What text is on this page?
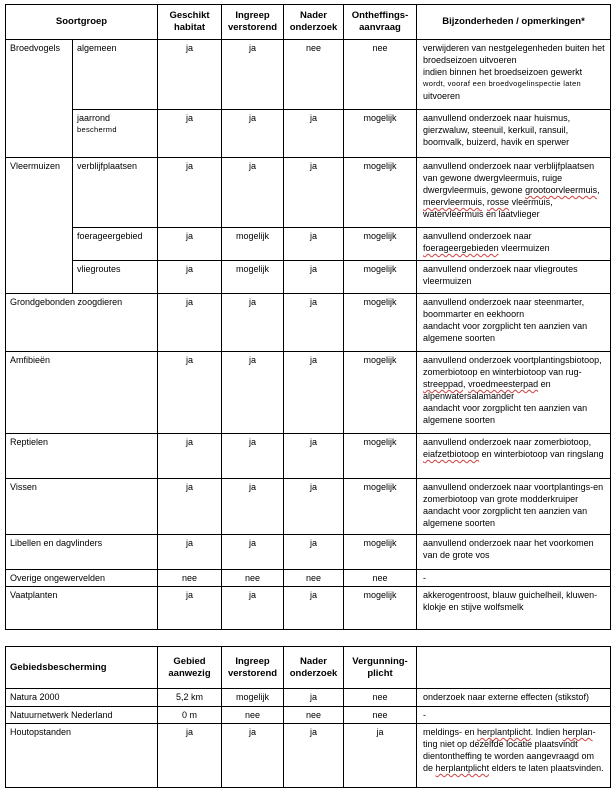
Soortgroep		Geschikt habitat	Ingreep verstorend	Nader onderzoek	Ontheffings-aanvraag	Bijzonderheden / opmerkingen*
Broedvogels	algemeen	ja	ja	nee	nee	verwijderen van nestgelegenheden buiten het broedseizoen uitvoeren
indien binnen het broedseizoen gewerkt
wordt, vooraf een broedvogelinspectie laten
uitvoeren

	jaarrond
beschermd	ja	ja	ja	mogelijk	aanvullend onderzoek naar huismus, gierzwaluw, steenuil, kerkuil, ransuil, boomvalk, buizerd, havik en sperwer
Vleermuizen	verblijfplaatsen	ja	ja	ja	mogelijk	aanvullend onderzoek naar verblijfplaatsen van gewone dwergvleermuis, ruige dwergvleermuis, gewone grootoorvleermuis, meervleermuis, rosse vleermuis, watervleermuis en laatvlieger
	foerageergebied	ja	mogelijk	ja	mogelijk	aanvullend onderzoek naar foerageergebieden vleermuizen
	vliegroutes	ja	mogelijk	ja	mogelijk	aanvullend onderzoek naar vliegroutes vleermuizen
Grondgebonden zoogdieren		ja	ja	ja	mogelijk	aanvullend onderzoek naar steenmarter, boommarter en eekhoorn
aandacht voor zorgplicht ten aanzien van algemene soorten

Amfibieën		ja	ja	ja	mogelijk	aanvullend onderzoek voortplantingsbiotoop, zomerbiotoop en winterbiotoop van rug-streeppad, vroedmeesterpad en alpenwatersalamander
aandacht voor zorgplicht ten aanzien van algemene soorten

Reptielen		ja	ja	ja	mogelijk	aanvullend onderzoek naar zomerbiotoop, eiafzetbiotoop en winterbiotoop van ringslang
Vissen		ja	ja	ja	mogelijk	aanvullend onderzoek naar voortplantings-en zomerbiotoop van grote modderkruiper aandacht voor zorgplicht ten aanzien van algemene soorten
Libellen en dagvlinders		ja	ja	ja	mogelijk	aanvullend onderzoek naar het voorkomen van de grote vos
Overige ongewervelden		nee	nee	nee	nee	-
Vaatplanten		ja	ja	ja	mogelijk	akkerogentroost, blauw guichelheil, kluwen-klokje en stijve wolfsmelk

Gebiedsbescherming		Gebied aanwezig	Ingreep verstorend	Nader onderzoek	Vergunning-plicht	
Natura 2000		5,2 km	mogelijk	ja	nee	onderzoek naar externe effecten (stikstof)
Natuurnetwerk Nederland		0 m	nee	nee	nee	-
Houtopstanden		ja	ja	ja	ja	meldings- en herplantplicht. Indien herplan- ting niet op dezelfde locatie plaatsvindt dientontheffing te worden aangevraagd om de herplantplicht elders te laten plaatsvinden.
